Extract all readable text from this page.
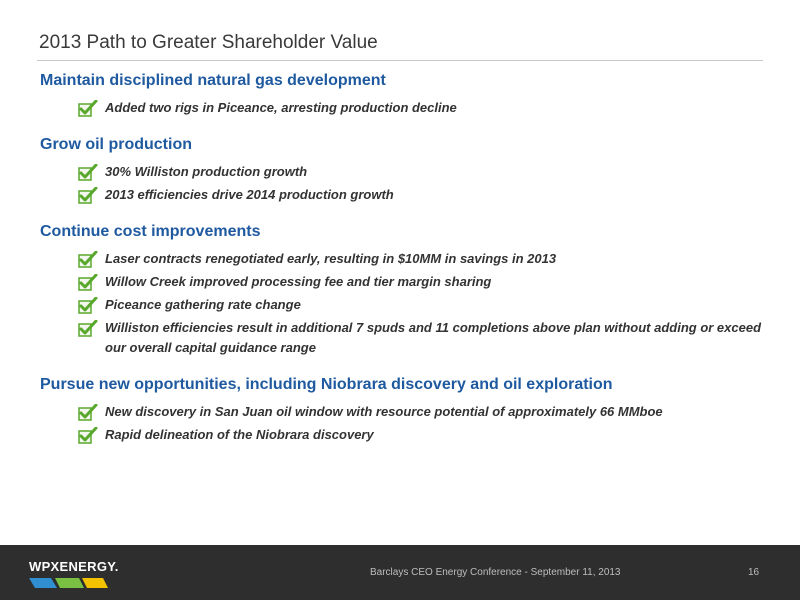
2013 Path to Greater Shareholder Value
Maintain disciplined natural gas development
Added two rigs in Piceance, arresting production decline
Grow oil production
30% Williston production growth
2013 efficiencies drive 2014 production growth
Continue cost improvements
Laser contracts renegotiated early, resulting in $10MM in savings in 2013
Willow Creek improved processing fee and tier margin sharing
Piceance gathering rate change
Williston efficiencies result in additional 7 spuds and 11 completions above plan without adding or exceed our overall capital guidance range
Pursue new opportunities, including Niobrara discovery and oil exploration
New discovery in San Juan oil window with resource potential of approximately 66 MMboe
Rapid delineation of the Niobrara discovery
WPXENERGY.	Barclays CEO Energy Conference - September 11, 2013	16
